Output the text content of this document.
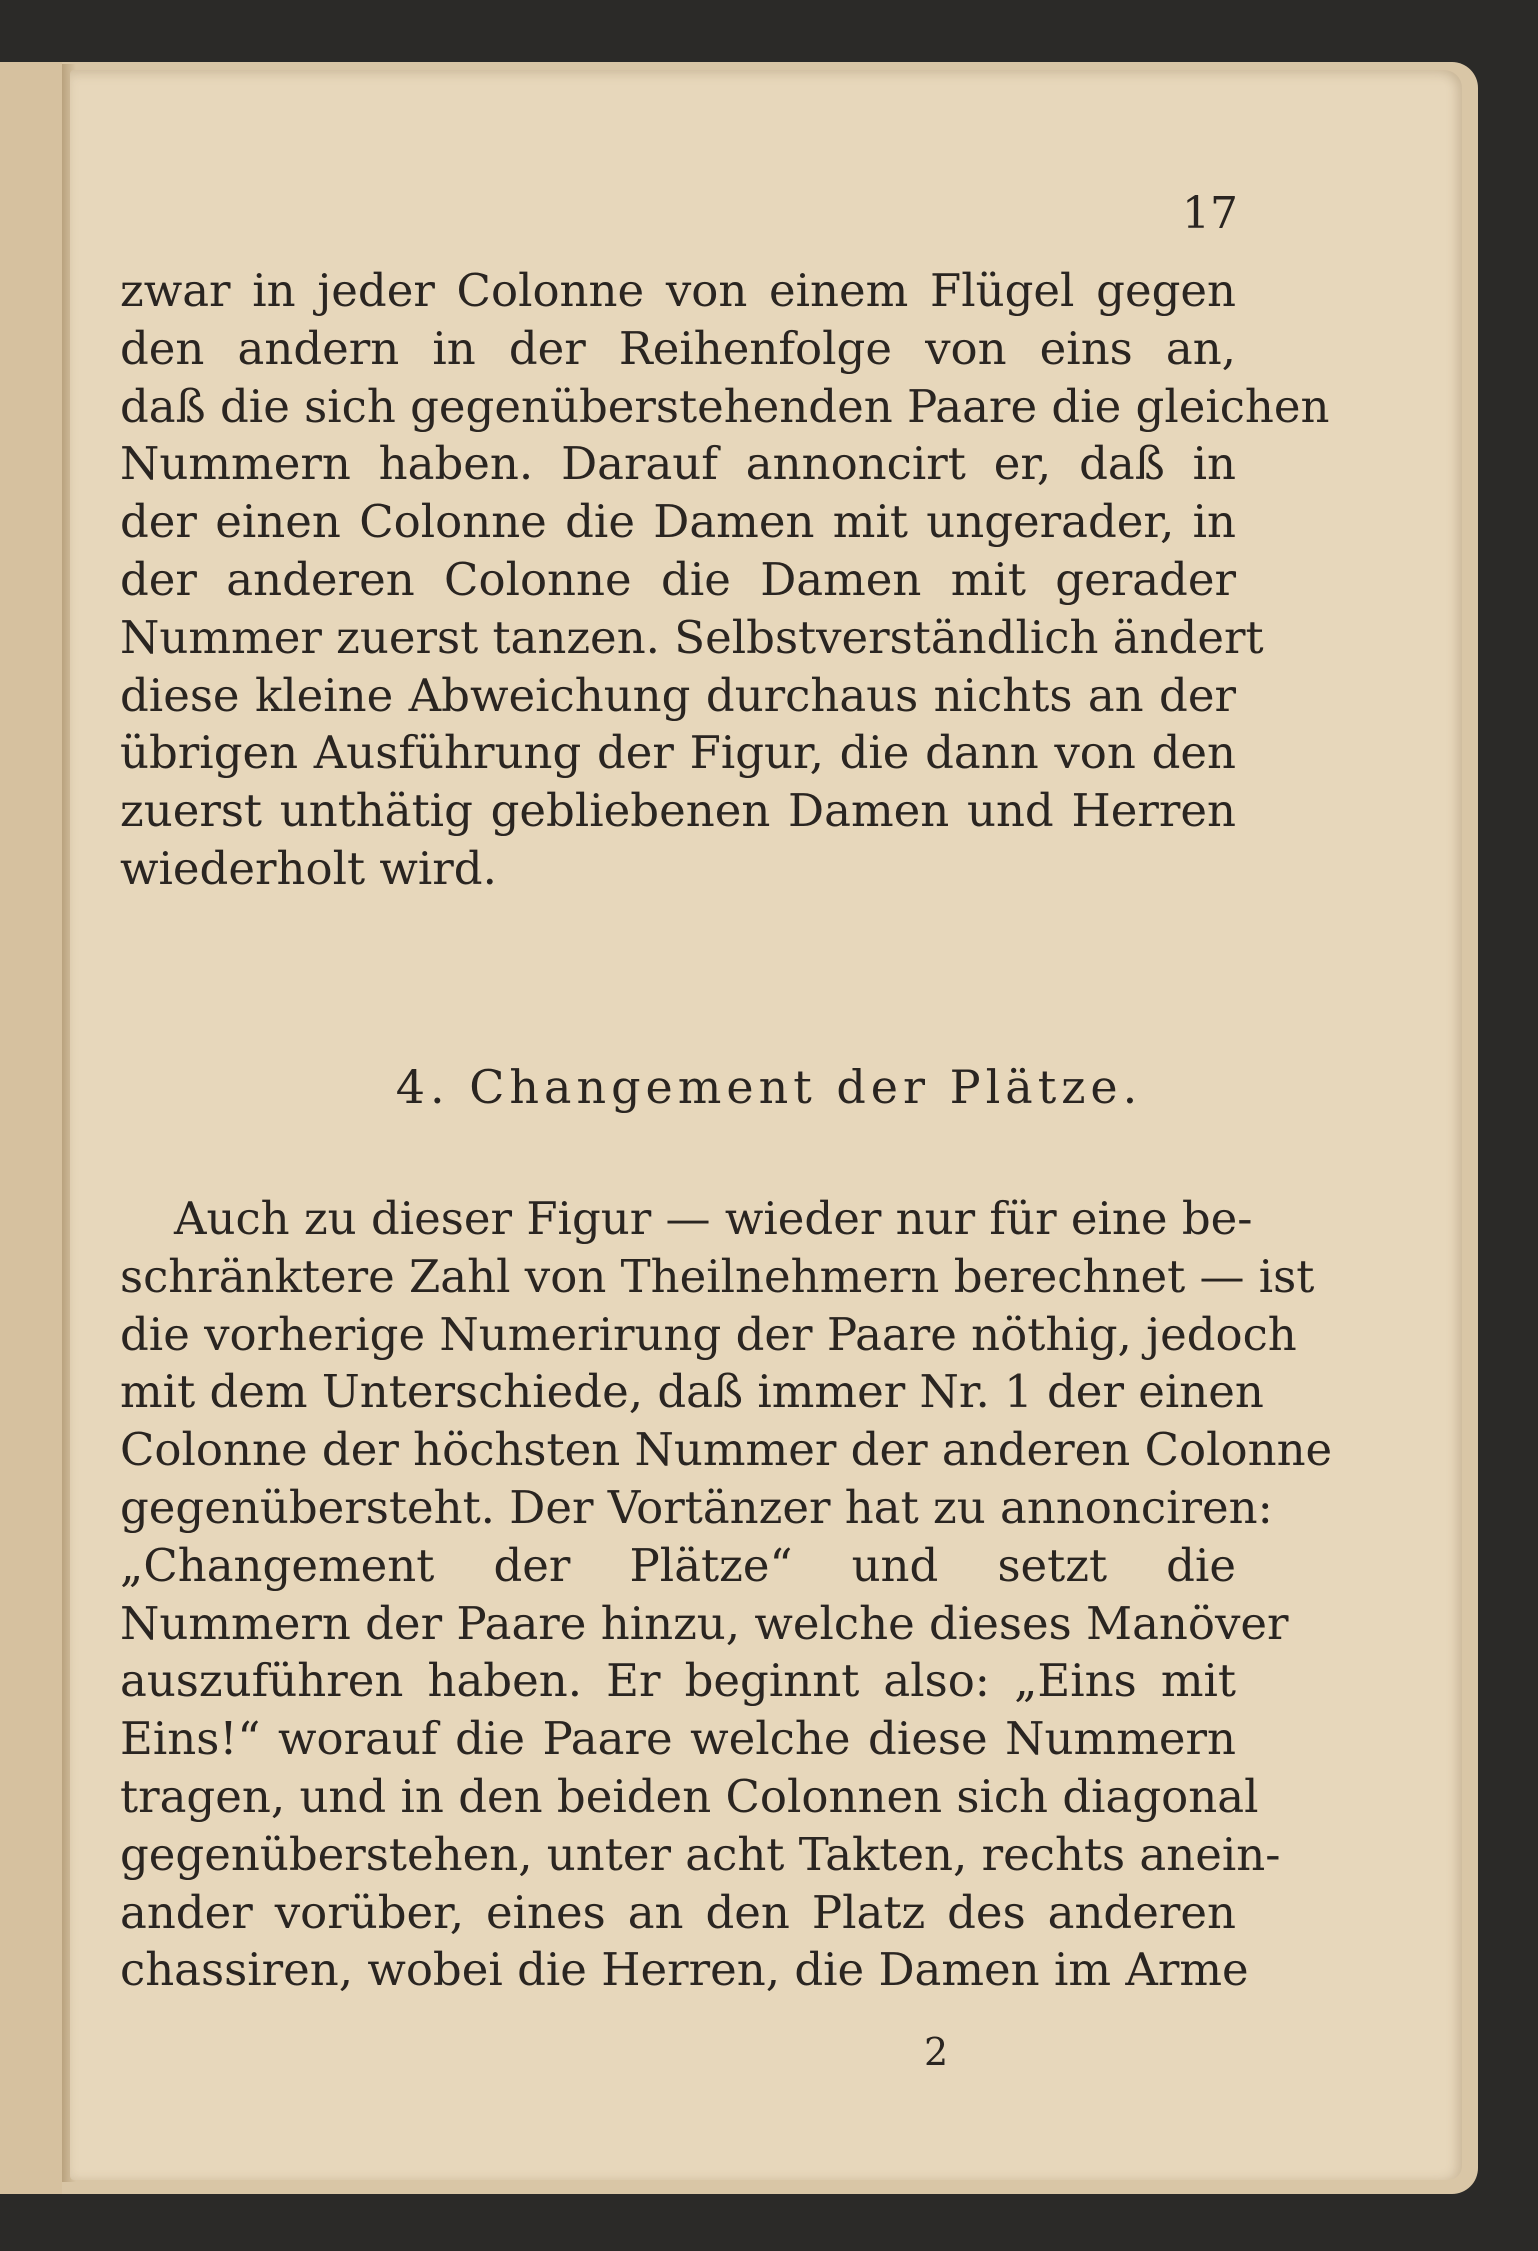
17
zwar in jeder Colonne von einem Flügel gegen
den andern in der Reihenfolge von eins an,
daß die sich gegenüberstehenden Paare die gleichen
Nummern haben. Darauf annoncirt er, daß in
der einen Colonne die Damen mit ungerader, in
der anderen Colonne die Damen mit gerader
Nummer zuerst tanzen. Selbstverständlich ändert
diese kleine Abweichung durchaus nichts an der
übrigen Ausführung der Figur, die dann von den
zuerst unthätig gebliebenen Damen und Herren
wiederholt wird.
4. Changement der Plätze.
Auch zu dieser Figur — wieder nur für eine be-
schränktere Zahl von Theilnehmern berechnet — ist
die vorherige Numerirung der Paare nöthig, jedoch
mit dem Unterschiede, daß immer Nr. 1 der einen
Colonne der höchsten Nummer der anderen Colonne
gegenübersteht. Der Vortänzer hat zu annonciren:
„Changement der Plätze“ und setzt die
Nummern der Paare hinzu, welche dieses Manöver
auszuführen haben. Er beginnt also: „Eins mit
Eins!“ worauf die Paare welche diese Nummern
tragen, und in den beiden Colonnen sich diagonal
gegenüberstehen, unter acht Takten, rechts anein-
ander vorüber, eines an den Platz des anderen
chassiren, wobei die Herren, die Damen im Arme
2
